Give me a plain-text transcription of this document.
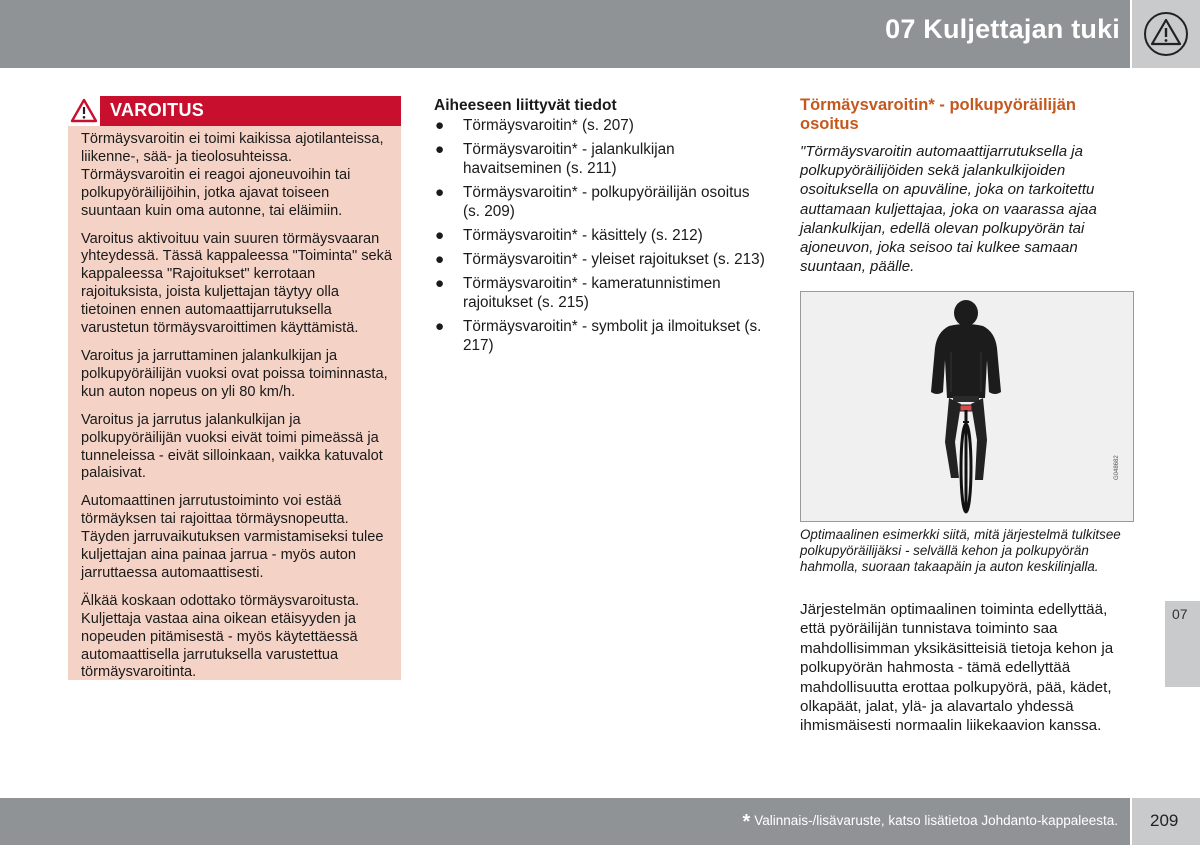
07 Kuljettajan tuki
VAROITUS

Törmäysvaroitin ei toimi kaikissa ajotilanteissa, liikenne-, sää- ja tieolosuhteissa. Törmäysvaroitin ei reagoi ajoneuvoihin tai polkupyöräilijöihin, jotka ajavat toiseen suuntaan kuin oma autonne, tai eläimiin.

Varoitus aktivoituu vain suuren törmäysvaaran yhteydessä. Tässä kappaleessa "Toiminta" sekä kappaleessa "Rajoitukset" kerrotaan rajoituksista, joista kuljettajan täytyy olla tietoinen ennen automaattijarrutuksella varustetun törmäysvaroittimen käyttämistä.

Varoitus ja jarruttaminen jalankulkijan ja polkupyöräilijän vuoksi ovat poissa toiminnasta, kun auton nopeus on yli 80 km/h.

Varoitus ja jarrutus jalankulkijan ja polkupyöräilijän vuoksi eivät toimi pimeässä ja tunneleissa - eivät silloinkaan, vaikka katuvalot palaisivat.

Automaattinen jarrutustoiminto voi estää törmäyksen tai rajoittaa törmäysnopeutta. Täyden jarruvaikutuksen varmistamiseksi tulee kuljettajan aina painaa jarrua - myös auton jarruttaessa automaattisesti.

Älkää koskaan odottako törmäysvaroitusta. Kuljettaja vastaa aina oikean etäisyyden ja nopeuden pitämisestä - myös käytettäessä automaattisella jarrutuksella varustettua törmäysvaroitinta.

Aiheeseen liittyvät tiedot
● Törmäysvaroitin* (s. 207)
● Törmäysvaroitin* - jalankulkijan havaitseminen (s. 211)
● Törmäysvaroitin* - polkupyöräilijän osoitus (s. 209)
● Törmäysvaroitin* - käsittely (s. 212)
● Törmäysvaroitin* - yleiset rajoitukset (s. 213)
● Törmäysvaroitin* - kameratunnistimen rajoitukset (s. 215)
● Törmäysvaroitin* - symbolit ja ilmoitukset (s. 217)
Törmäysvaroitin* - polkupyöräilijän osoitus
"Törmäysvaroitin automaattijarrutuksella ja polkupyöräilijöiden sekä jalankulkijoiden osoituksella on apuväline, joka on tarkoitettu auttamaan kuljettajaa, joka on vaarassa ajaa jalankulkijan, edellä olevan polkupyörän tai ajoneuvon, joka seisoo tai kulkee samaan suuntaan, päälle.
G048682
Optimaalinen esimerkki siitä, mitä järjestelmä tulkitsee polkupyöräilijäksi - selvällä kehon ja polkupyörän hahmolla, suoraan takaapäin ja auton keskilinjalla.
Järjestelmän optimaalinen toiminta edellyttää, että pyöräilijän tunnistava toiminto saa mahdollisimman yksikäsitteisiä tietoja kehon ja polkupyörän hahmosta - tämä edellyttää mahdollisuutta erottaa polkupyörä, pää, kädet, olkapäät, jalat, ylä- ja alavartalo yhdessä ihmismäisesti normaalin liikekaavion kanssa.
07
* Valinnais-/lisävaruste, katso lisätietoa Johdanto-kappaleesta. 209
